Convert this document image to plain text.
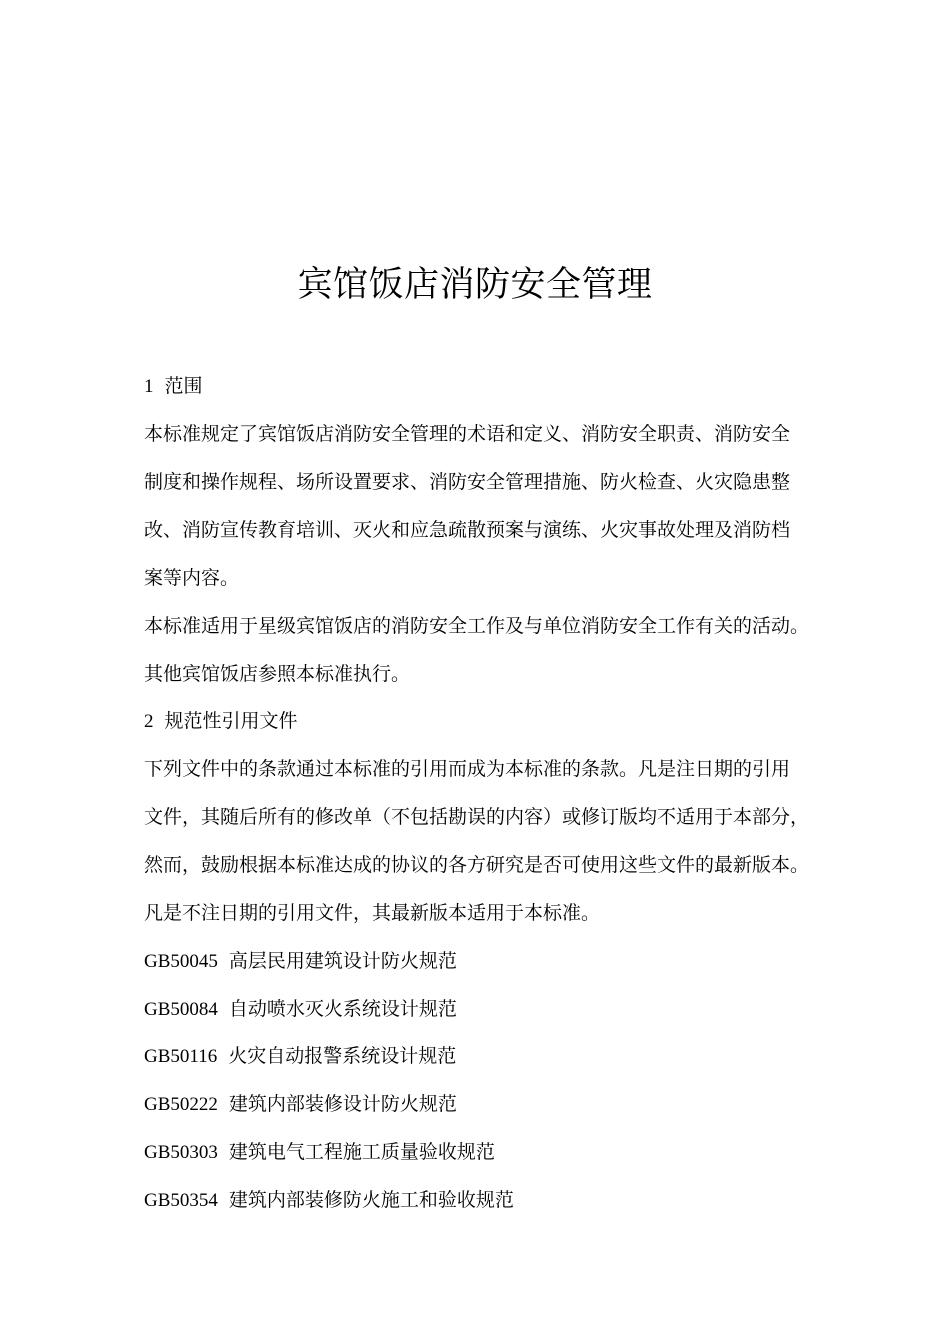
宾馆饭店消防安全管理
1 范围
本标准规定了宾馆饭店消防安全管理的术语和定义、消防安全职责、消防安全
制度和操作规程、场所设置要求、消防安全管理措施、防火检查、火灾隐患整
改、消防宣传教育培训、灭火和应急疏散预案与演练、火灾事故处理及消防档
案等内容。
本标准适用于星级宾馆饭店的消防安全工作及与单位消防安全工作有关的活动。
其他宾馆饭店参照本标准执行。
2 规范性引用文件
下列文件中的条款通过本标准的引用而成为本标准的条款。凡是注日期的引用
文件，其随后所有的修改单（不包括勘误的内容）或修订版均不适用于本部分，
然而，鼓励根据本标准达成的协议的各方研究是否可使用这些文件的最新版本。
凡是不注日期的引用文件，其最新版本适用于本标准。
GB50045 高层民用建筑设计防火规范
GB50084 自动喷水灭火系统设计规范
GB50116 火灾自动报警系统设计规范
GB50222 建筑内部装修设计防火规范
GB50303 建筑电气工程施工质量验收规范
GB50354 建筑内部装修防火施工和验收规范
